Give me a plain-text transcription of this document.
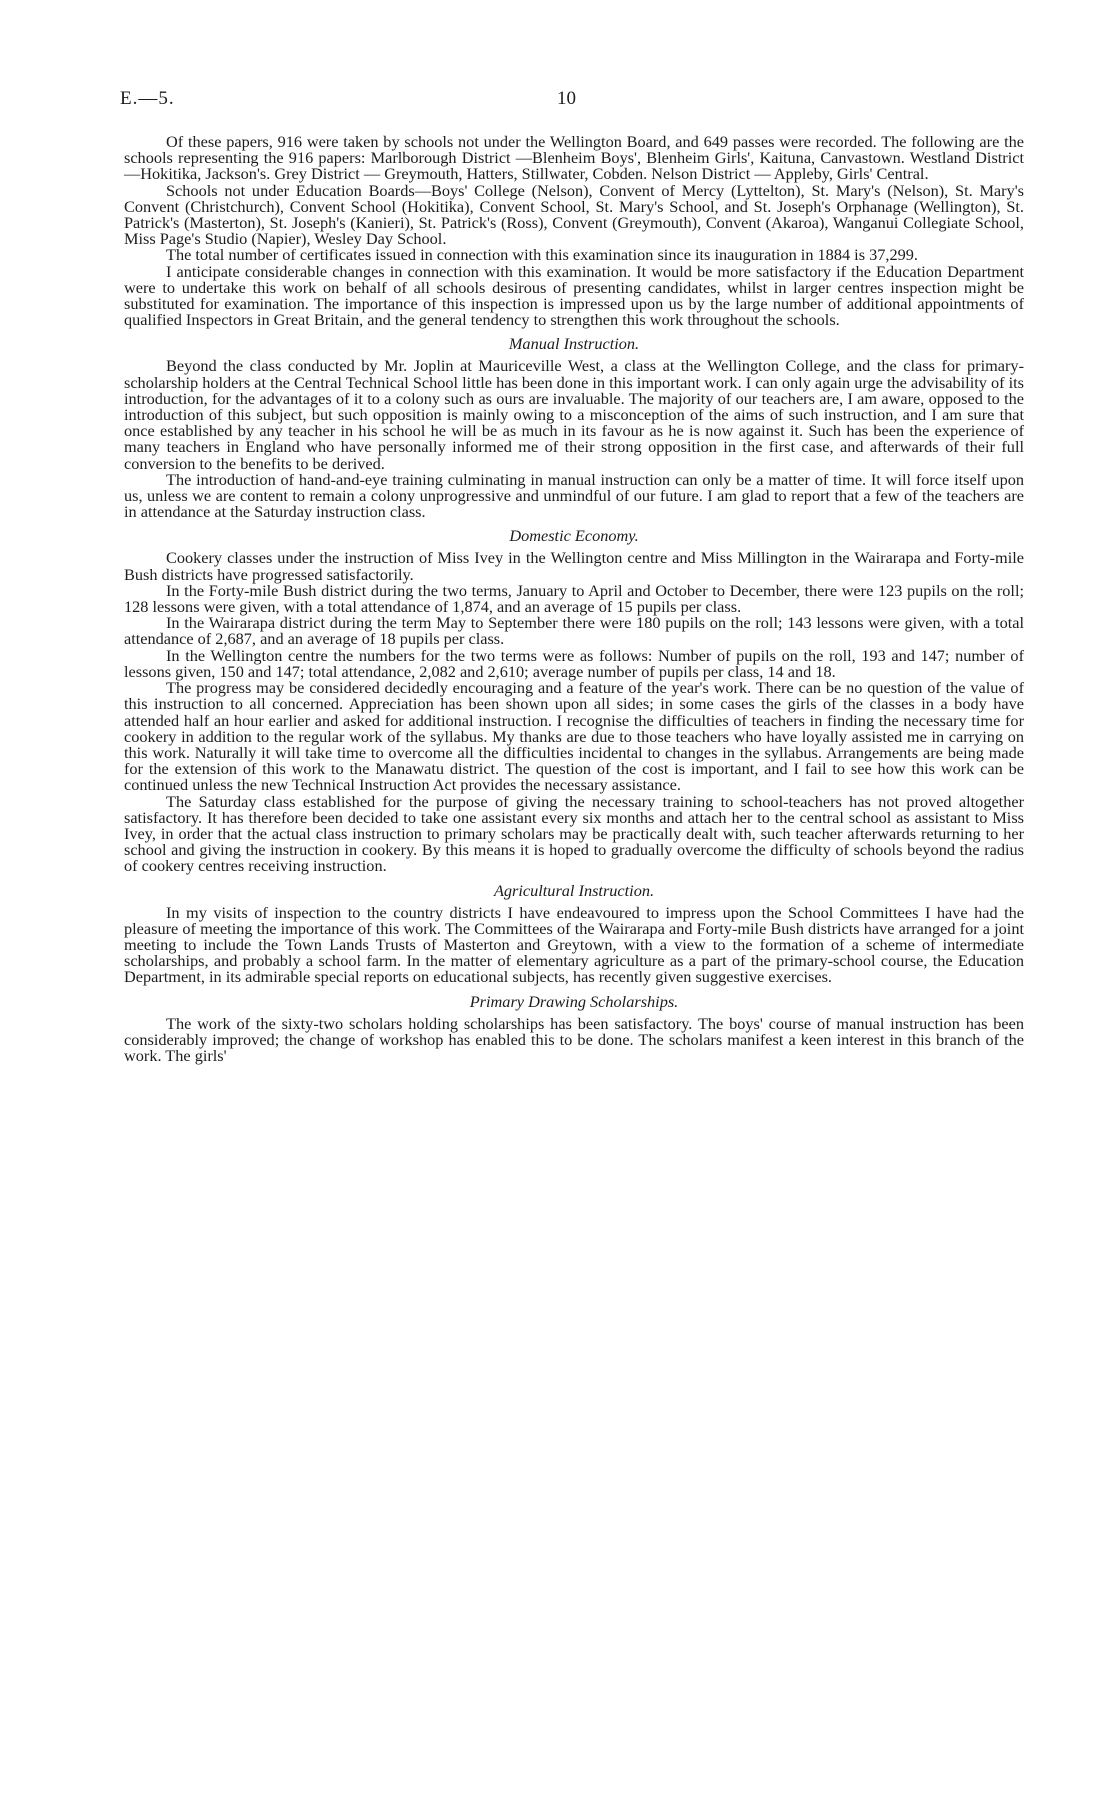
E.—5.	10

Of these papers, 916 were taken by schools not under the Wellington Board, and 649 passes were recorded. The following are the schools representing the 916 papers: Marlborough District —Blenheim Boys', Blenheim Girls', Kaituna, Canvastown. Westland District—Hokitika, Jackson's. Grey District — Greymouth, Hatters, Stillwater, Cobden. Nelson District — Appleby, Girls' Central.

Schools not under Education Boards—Boys' College (Nelson), Convent of Mercy (Lyttelton), St. Mary's (Nelson), St. Mary's Convent (Christchurch), Convent School (Hokitika), Convent School, St. Mary's School, and St. Joseph's Orphanage (Wellington), St. Patrick's (Masterton), St. Joseph's (Kanieri), St. Patrick's (Ross), Convent (Greymouth), Convent (Akaroa), Wanganui Collegiate School, Miss Page's Studio (Napier), Wesley Day School.

The total number of certificates issued in connection with this examination since its inauguration in 1884 is 37,299.

I anticipate considerable changes in connection with this examination. It would be more satisfactory if the Education Department were to undertake this work on behalf of all schools desirous of presenting candidates, whilst in larger centres inspection might be substituted for examination. The importance of this inspection is impressed upon us by the large number of additional appointments of qualified Inspectors in Great Britain, and the general tendency to strengthen this work throughout the schools.

Manual Instruction.

Beyond the class conducted by Mr. Joplin at Mauriceville West, a class at the Wellington College, and the class for primary-scholarship holders at the Central Technical School little has been done in this important work. I can only again urge the advisability of its introduction, for the advantages of it to a colony such as ours are invaluable. The majority of our teachers are, I am aware, opposed to the introduction of this subject, but such opposition is mainly owing to a misconception of the aims of such instruction, and I am sure that once established by any teacher in his school he will be as much in its favour as he is now against it. Such has been the experience of many teachers in England who have personally informed me of their strong opposition in the first case, and afterwards of their full conversion to the benefits to be derived.

The introduction of hand-and-eye training culminating in manual instruction can only be a matter of time. It will force itself upon us, unless we are content to remain a colony unprogressive and unmindful of our future. I am glad to report that a few of the teachers are in attendance at the Saturday instruction class.

Domestic Economy.

Cookery classes under the instruction of Miss Ivey in the Wellington centre and Miss Millington in the Wairarapa and Forty-mile Bush districts have progressed satisfactorily.

In the Forty-mile Bush district during the two terms, January to April and October to December, there were 123 pupils on the roll; 128 lessons were given, with a total attendance of 1,874, and an average of 15 pupils per class.

In the Wairarapa district during the term May to September there were 180 pupils on the roll; 143 lessons were given, with a total attendance of 2,687, and an average of 18 pupils per class.

In the Wellington centre the numbers for the two terms were as follows: Number of pupils on the roll, 193 and 147; number of lessons given, 150 and 147; total attendance, 2,082 and 2,610; average number of pupils per class, 14 and 18.

The progress may be considered decidedly encouraging and a feature of the year's work. There can be no question of the value of this instruction to all concerned. Appreciation has been shown upon all sides; in some cases the girls of the classes in a body have attended half an hour earlier and asked for additional instruction. I recognise the difficulties of teachers in finding the necessary time for cookery in addition to the regular work of the syllabus. My thanks are due to those teachers who have loyally assisted me in carrying on this work. Naturally it will take time to overcome all the difficulties incidental to changes in the syllabus. Arrangements are being made for the extension of this work to the Manawatu district. The question of the cost is important, and I fail to see how this work can be continued unless the new Technical Instruction Act provides the necessary assistance.

The Saturday class established for the purpose of giving the necessary training to school-teachers has not proved altogether satisfactory. It has therefore been decided to take one assistant every six months and attach her to the central school as assistant to Miss Ivey, in order that the actual class instruction to primary scholars may be practically dealt with, such teacher afterwards returning to her school and giving the instruction in cookery. By this means it is hoped to gradually overcome the difficulty of schools beyond the radius of cookery centres receiving instruction.

Agricultural Instruction.

In my visits of inspection to the country districts I have endeavoured to impress upon the School Committees I have had the pleasure of meeting the importance of this work. The Committees of the Wairarapa and Forty-mile Bush districts have arranged for a joint meeting to include the Town Lands Trusts of Masterton and Greytown, with a view to the formation of a scheme of intermediate scholarships, and probably a school farm. In the matter of elementary agriculture as a part of the primary-school course, the Education Department, in its admirable special reports on educational subjects, has recently given suggestive exercises.

Primary Drawing Scholarships.

The work of the sixty-two scholars holding scholarships has been satisfactory. The boys' course of manual instruction has been considerably improved; the change of workshop has enabled this to be done. The scholars manifest a keen interest in this branch of the work. The girls'
